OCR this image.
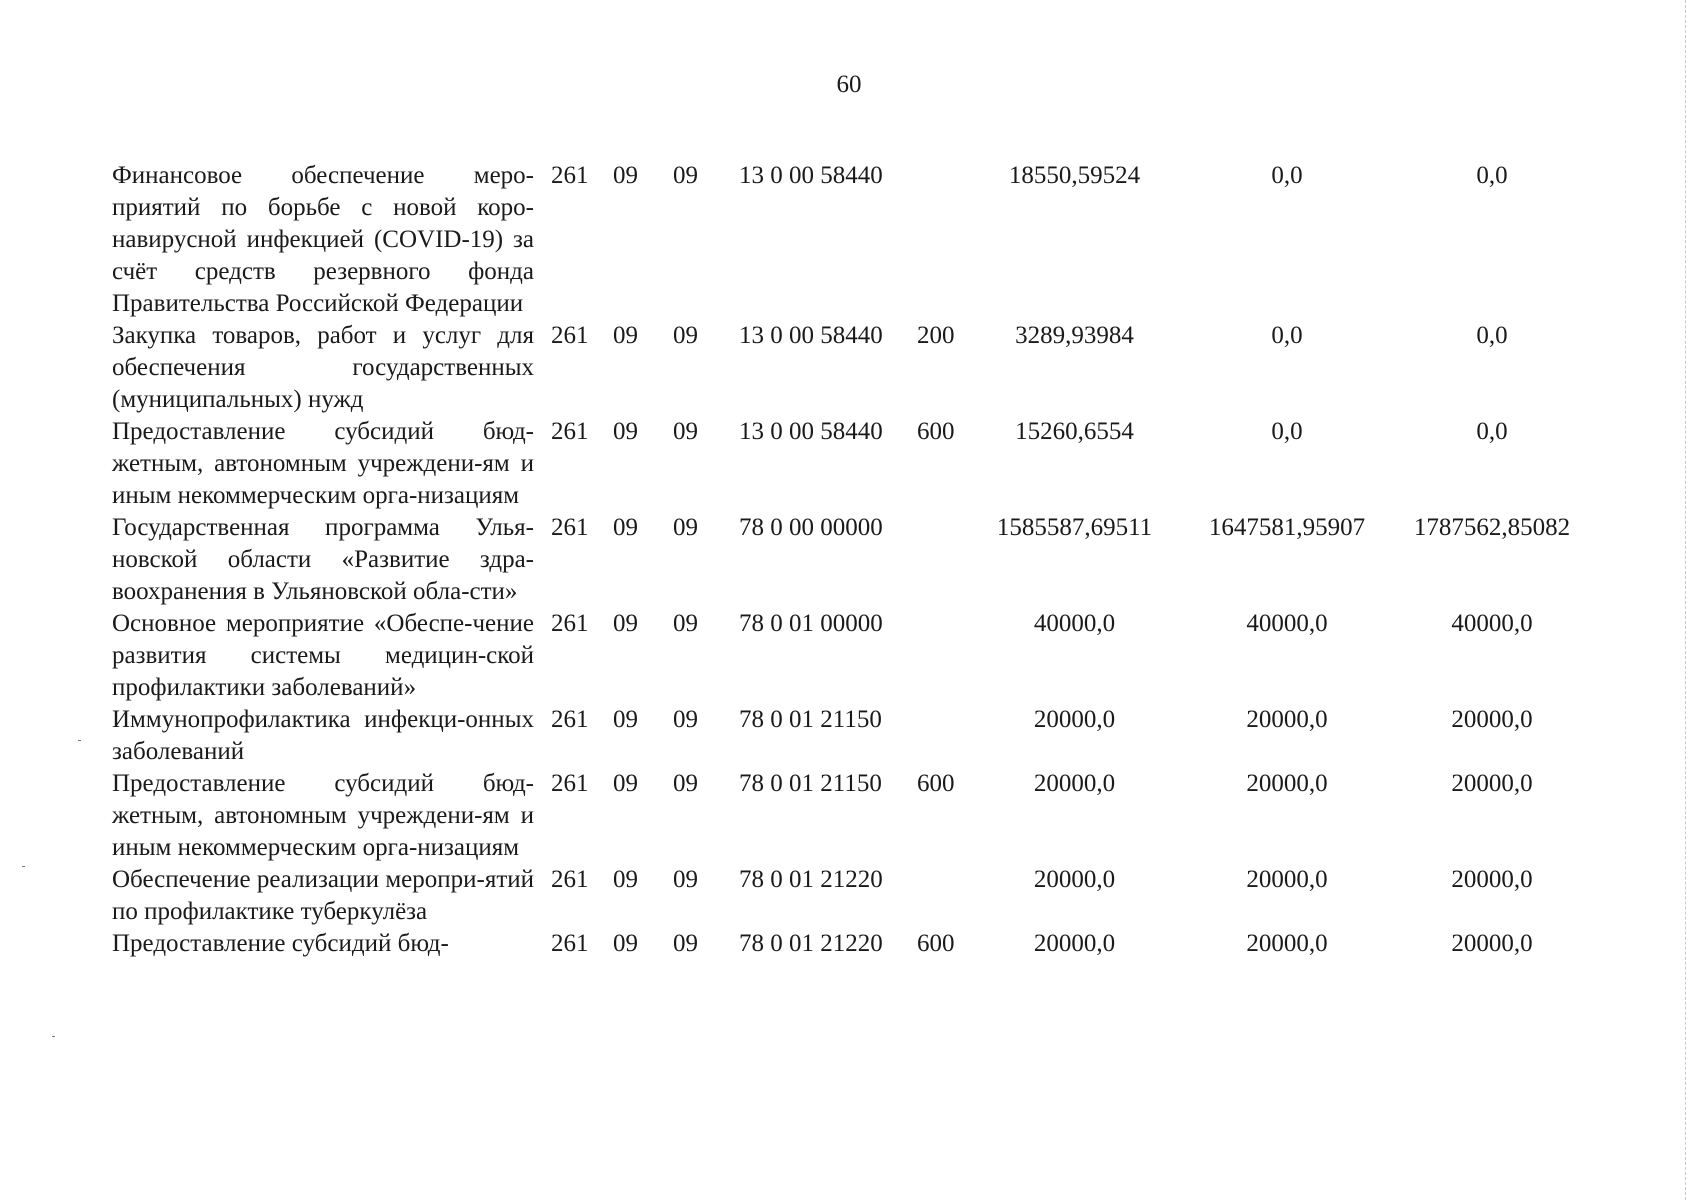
60
Финансовое обеспечение меро-приятий по борьбе с новой коро-навирусной инфекцией (COVID-19) за счёт средств резервного фонда Правительства Российской Федерации	261	09	09	13 0 00 58440		18550,59524	0,0	0,0
Закупка товаров, работ и услуг для обеспечения государственных (муниципальных) нужд	261	09	09	13 0 00 58440	200	3289,93984	0,0	0,0
Предоставление субсидий бюд-жетным, автономным учреждени-ям и иным некоммерческим орга-низациям	261	09	09	13 0 00 58440	600	15260,6554	0,0	0,0
Государственная программа Улья-новской области «Развитие здра-воохранения в Ульяновской обла-сти»	261	09	09	78 0 00 00000		1585587,69511	1647581,95907	1787562,85082
Основное мероприятие «Обеспе-чение развития системы медицин-ской профилактики заболеваний»	261	09	09	78 0 01 00000		40000,0	40000,0	40000,0
Иммунопрофилактика инфекци-онных заболеваний	261	09	09	78 0 01 21150		20000,0	20000,0	20000,0
Предоставление субсидий бюд-жетным, автономным учреждени-ям и иным некоммерческим орга-низациям	261	09	09	78 0 01 21150	600	20000,0	20000,0	20000,0
Обеспечение реализации меропри-ятий по профилактике туберкулёза	261	09	09	78 0 01 21220		20000,0	20000,0	20000,0
Предоставление субсидий бюд-	261	09	09	78 0 01 21220	600	20000,0	20000,0	20000,0
